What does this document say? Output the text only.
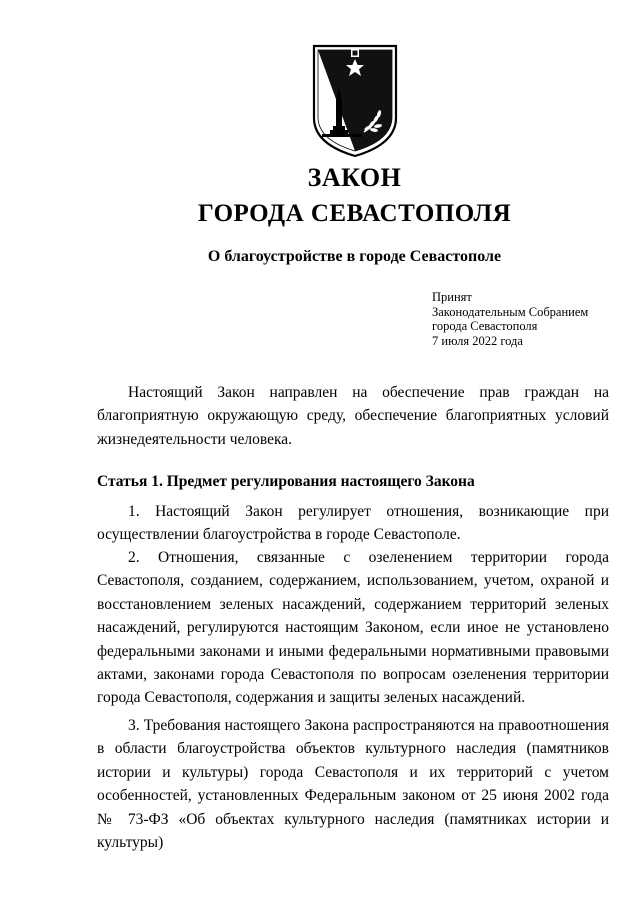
ЗАКОН
ГОРОДА СЕВАСТОПОЛЯ
О благоустройстве в городе Севастополе
Принят
Законодательным Собранием
города Севастополя
7 июля 2022 года
Настоящий Закон направлен на обеспечение прав граждан на благоприятную окружающую среду, обеспечение благоприятных условий жизнедеятельности человека.
Статья 1. Предмет регулирования настоящего Закона
1. Настоящий Закон регулирует отношения, возникающие при осуществлении благоустройства в городе Севастополе.
2. Отношения, связанные с озеленением территории города Севастополя, созданием, содержанием, использованием, учетом, охраной и восстановлением зеленых насаждений, содержанием территорий зеленых насаждений, регулируются настоящим Законом, если иное не установлено федеральными законами и иными федеральными нормативными правовыми актами, законами города Севастополя по вопросам озеленения территории города Севастополя, содержания и защиты зеленых насаждений.
3. Требования настоящего Закона распространяются на правоотношения в области благоустройства объектов культурного наследия (памятников истории и культуры) города Севастополя и их территорий с учетом особенностей, установленных Федеральным законом от 25 июня 2002 года № 73-ФЗ «Об объектах культурного наследия (памятниках истории и культуры)
